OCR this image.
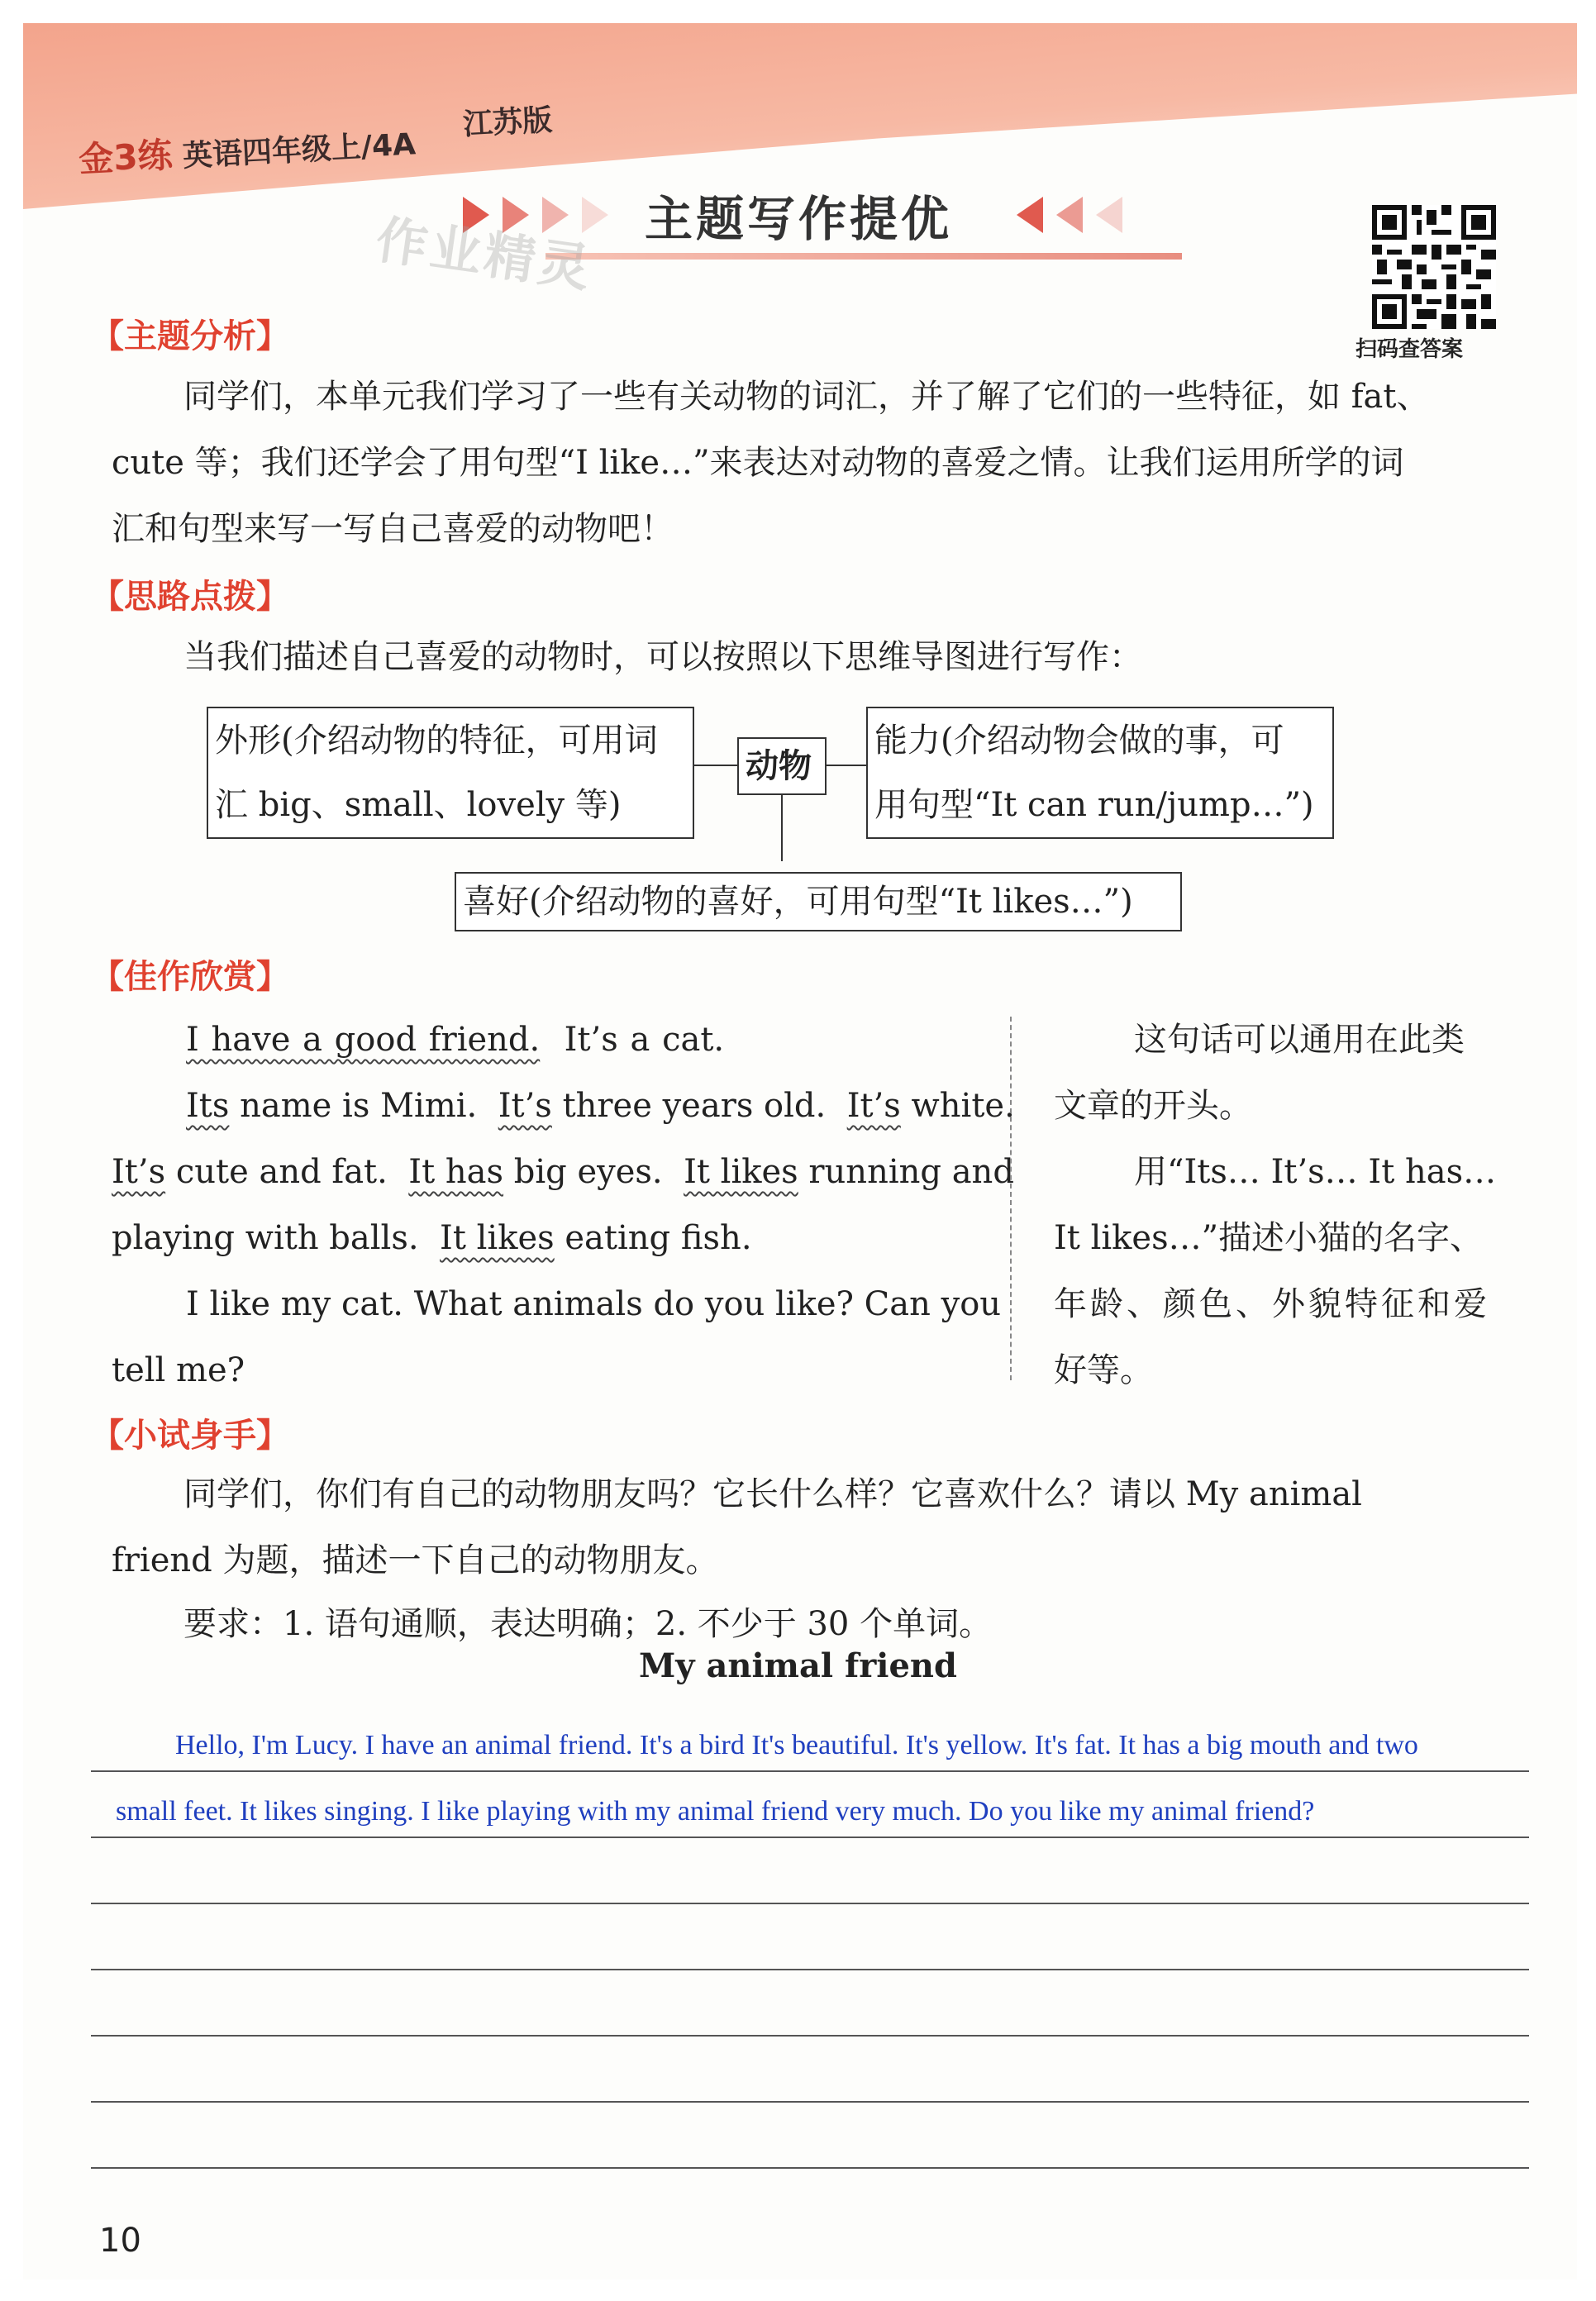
金3练 英语四年级上/4A
江苏版
主题写作提优
作业精灵
扫码查答案
【主题分析】
同学们，本单元我们学习了一些有关动物的词汇，并了解了它们的一些特征，如 fat、
cute 等；我们还学会了用句型“I like…”来表达对动物的喜爱之情。让我们运用所学的词
汇和句型来写一写自己喜爱的动物吧！
【思路点拨】
当我们描述自己喜爱的动物时，可以按照以下思维导图进行写作：
外形(介绍动物的特征，可用词
汇 big、small、lovely 等)
动物
能力(介绍动物会做的事，可
用句型“It can run/jump…”)
喜好(介绍动物的喜好，可用句型“It likes…”)
【佳作欣赏】
I have a good friend. It’s a cat.
Its name is Mimi. It’s three years old. It’s white.
It’s cute and fat. It has big eyes. It likes running and
playing with balls. It likes eating fish.
I like my cat. What animals do you like? Can you
tell me?
这句话可以通用在此类
文章的开头。
用“Its… It’s… It has…
It likes…”描述小猫的名字、
年龄、颜色、外貌特征和爱
好等。
【小试身手】
同学们，你们有自己的动物朋友吗？它长什么样？它喜欢什么？请以 My animal
friend 为题，描述一下自己的动物朋友。
要求：1. 语句通顺，表达明确；2. 不少于 30 个单词。
My animal friend
Hello, I'm Lucy. I have an animal friend. It's a bird It's beautiful. It's yellow. It's fat. It has a big mouth and two
small feet. It likes singing. I like playing with my animal friend very much. Do you like my animal friend?
10
